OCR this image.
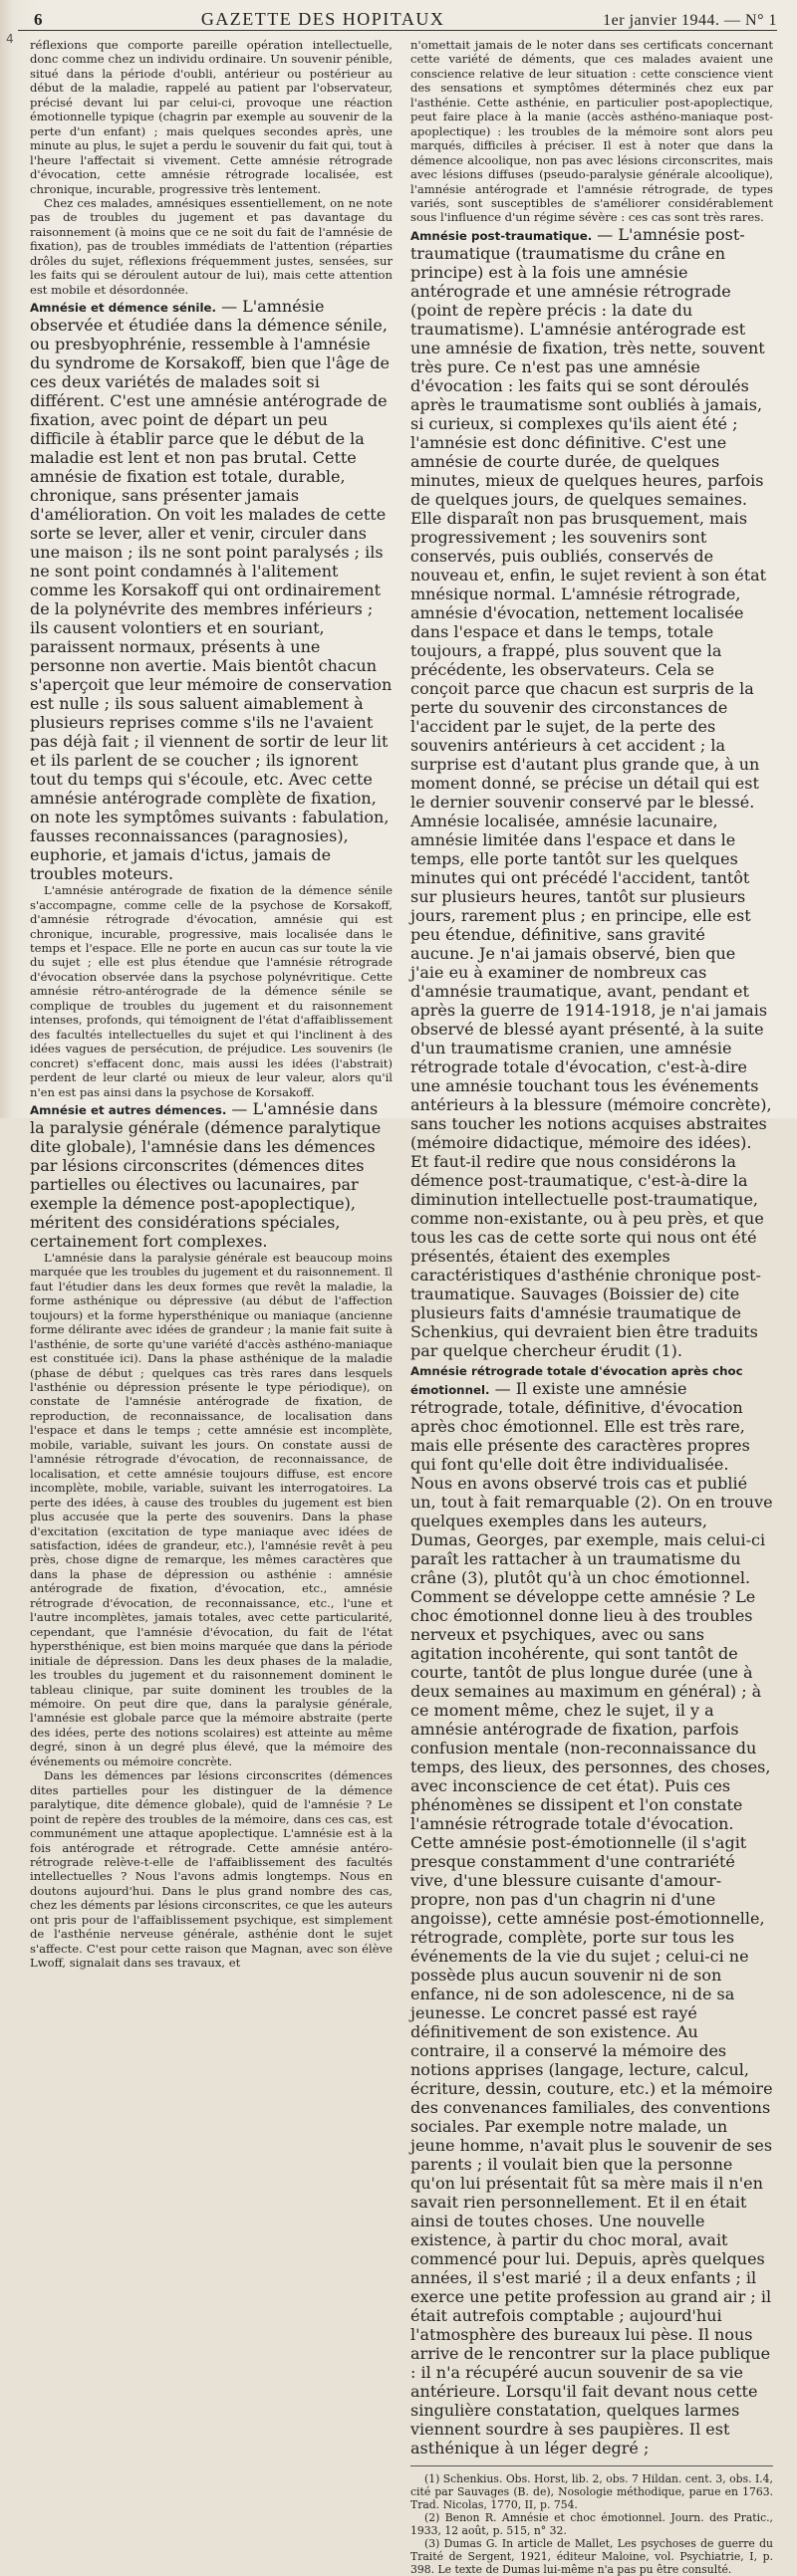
4
6	GAZETTE DES HOPITAUX	1er janvier 1944. — N° 1

réflexions que comporte pareille opération intellectuelle, donc comme chez un individu ordinaire. Un souvenir pénible, situé dans la période d'oubli, antérieur ou postérieur au début de la maladie, rappelé au patient par l'observateur, précisé devant lui par celui-ci, provoque une réaction émotionnelle typique (chagrin par exemple au souvenir de la perte d'un enfant) ; mais quelques secondes après, une minute au plus, le sujet a perdu le souvenir du fait qui, tout à l'heure l'affectait si vivement. Cette amnésie rétrograde d'évocation, cette amnésie rétrograde localisée, est chronique, incurable, progressive très lentement.

Chez ces malades, amnésiques essentiellement, on ne note pas de troubles du jugement et pas davantage du raisonnement (à moins que ce ne soit du fait de l'amnésie de fixation), pas de troubles immédiats de l'attention (réparties drôles du sujet, réflexions fréquemment justes, sensées, sur les faits qui se déroulent autour de lui), mais cette attention est mobile et désordonnée.

Amnésie et démence sénile. — L'amnésie observée et étudiée dans la démence sénile, ou presbyophrénie, ressemble à l'amnésie du syndrome de Korsakoff, bien que l'âge de ces deux variétés de malades soit si différent. C'est une amnésie antérograde de fixation, avec point de départ un peu difficile à établir parce que le début de la maladie est lent et non pas brutal. Cette amnésie de fixation est totale, durable, chronique, sans présenter jamais d'amélioration. On voit les malades de cette sorte se lever, aller et venir, circuler dans une maison ; ils ne sont point paralysés ; ils ne sont point condamnés à l'alitement comme les Korsakoff qui ont ordinairement de la polynévrite des membres inférieurs ; ils causent volontiers et en souriant, paraissent normaux, présents à une personne non avertie. Mais bientôt chacun s'aperçoit que leur mémoire de conservation est nulle ; ils sous saluent aimablement à plusieurs reprises comme s'ils ne l'avaient pas déjà fait ; il viennent de sortir de leur lit et ils parlent de se coucher ; ils ignorent tout du temps qui s'écoule, etc. Avec cette amnésie antérograde complète de fixation, on note les symptômes suivants : fabulation, fausses reconnaissances (paragnosies), euphorie, et jamais d'ictus, jamais de troubles moteurs.

L'amnésie antérograde de fixation de la démence sénile s'accompagne, comme celle de la psychose de Korsakoff, d'amnésie rétrograde d'évocation, amnésie qui est chronique, incurable, progressive, mais localisée dans le temps et l'espace. Elle ne porte en aucun cas sur toute la vie du sujet ; elle est plus étendue que l'amnésie rétrograde d'évocation observée dans la psychose polynévritique. Cette amnésie rétro-antérograde de la démence sénile se complique de troubles du jugement et du raisonnement intenses, profonds, qui témoignent de l'état d'affaiblissement des facultés intellectuelles du sujet et qui l'inclinent à des idées vagues de persécution, de préjudice. Les souvenirs (le concret) s'effacent donc, mais aussi les idées (l'abstrait) perdent de leur clarté ou mieux de leur valeur, alors qu'il n'en est pas ainsi dans la psychose de Korsakoff.

Amnésie et autres démences. — L'amnésie dans la paralysie générale (démence paralytique dite globale), l'amnésie dans les démences par lésions circonscrites (démences dites partielles ou électives ou lacunaires, par exemple la démence post-apoplectique), méritent des considérations spéciales, certainement fort complexes.

L'amnésie dans la paralysie générale est beaucoup moins marquée que les troubles du jugement et du raisonnement. Il faut l'étudier dans les deux formes que revêt la maladie, la forme asthénique ou dépressive (au début de l'affection toujours) et la forme hypersthénique ou maniaque (ancienne forme délirante avec idées de grandeur ; la manie fait suite à l'asthénie, de sorte qu'une variété d'accès asthéno-maniaque est constituée ici). Dans la phase asthénique de la maladie (phase de début ; quelques cas très rares dans lesquels l'asthénie ou dépression présente le type périodique), on constate de l'amnésie antérograde de fixation, de reproduction, de reconnaissance, de localisation dans l'espace et dans le temps ; cette amnésie est incomplète, mobile, variable, suivant les jours. On constate aussi de l'amnésie rétrograde d'évocation, de reconnaissance, de localisation, et cette amnésie toujours diffuse, est encore incomplète, mobile, variable, suivant les interrogatoires. La perte des idées, à cause des troubles du jugement est bien plus accusée que la perte des souvenirs. Dans la phase d'excitation (excitation de type maniaque avec idées de satisfaction, idées de grandeur, etc.), l'amnésie revêt à peu près, chose digne de remarque, les mêmes caractères que dans la phase de dépression ou asthénie : amnésie antérograde de fixation, d'évocation, etc., amnésie rétrograde d'évocation, de reconnaissance, etc., l'une et l'autre incomplètes, jamais totales, avec cette particularité, cependant, que l'amnésie d'évocation, du fait de l'état hypersthénique, est bien moins marquée que dans la période initiale de dépression. Dans les deux phases de la maladie, les troubles du jugement et du raisonnement dominent le tableau clinique, par suite dominent les troubles de la mémoire. On peut dire que, dans la paralysie générale, l'amnésie est globale parce que la mémoire abstraite (perte des idées, perte des notions scolaires) est atteinte au même degré, sinon à un degré plus élevé, que la mémoire des événements ou mémoire concrète.

Dans les démences par lésions circonscrites (démences dites partielles pour les distinguer de la démence paralytique, dite démence globale), quid de l'amnésie ? Le point de repère des troubles de la mémoire, dans ces cas, est communément une attaque apoplectique. L'amnésie est à la fois antérograde et rétrograde. Cette amnésie antéro-rétrograde relève-t-elle de l'affaiblissement des facultés intellectuelles ? Nous l'avons admis longtemps. Nous en doutons aujourd'hui. Dans le plus grand nombre des cas, chez les déments par lésions circonscrites, ce que les auteurs ont pris pour de l'affaiblissement psychique, est simplement de l'asthénie nerveuse générale, asthénie dont le sujet s'affecte. C'est pour cette raison que Magnan, avec son élève Lwoff, signalait dans ses travaux, et

n'omettait jamais de le noter dans ses certificats concernant cette variété de déments, que ces malades avaient une conscience relative de leur situation : cette conscience vient des sensations et symptômes déterminés chez eux par l'asthénie. Cette asthénie, en particulier post-apoplectique, peut faire place à la manie (accès asthéno-maniaque post-apoplectique) : les troubles de la mémoire sont alors peu marqués, difficiles à préciser. Il est à noter que dans la démence alcoolique, non pas avec lésions circonscrites, mais avec lésions diffuses (pseudo-paralysie générale alcoolique), l'amnésie antérograde et l'amnésie rétrograde, de types variés, sont susceptibles de s'améliorer considérablement sous l'influence d'un régime sévère : ces cas sont très rares.

Amnésie post-traumatique. — L'amnésie post-traumatique (traumatisme du crâne en principe) est à la fois une amnésie antérograde et une amnésie rétrograde (point de repère précis : la date du traumatisme). L'amnésie antérograde est une amnésie de fixation, très nette, souvent très pure. Ce n'est pas une amnésie d'évocation : les faits qui se sont déroulés après le traumatisme sont oubliés à jamais, si curieux, si complexes qu'ils aient été ; l'amnésie est donc définitive. C'est une amnésie de courte durée, de quelques minutes, mieux de quelques heures, parfois de quelques jours, de quelques semaines. Elle disparaît non pas brusquement, mais progressivement ; les souvenirs sont conservés, puis oubliés, conservés de nouveau et, enfin, le sujet revient à son état mnésique normal. L'amnésie rétrograde, amnésie d'évocation, nettement localisée dans l'espace et dans le temps, totale toujours, a frappé, plus souvent que la précédente, les observateurs. Cela se conçoit parce que chacun est surpris de la perte du souvenir des circonstances de l'accident par le sujet, de la perte des souvenirs antérieurs à cet accident ; la surprise est d'autant plus grande que, à un moment donné, se précise un détail qui est le dernier souvenir conservé par le blessé. Amnésie localisée, amnésie lacunaire, amnésie limitée dans l'espace et dans le temps, elle porte tantôt sur les quelques minutes qui ont précédé l'accident, tantôt sur plusieurs heures, tantôt sur plusieurs jours, rarement plus ; en principe, elle est peu étendue, définitive, sans gravité aucune. Je n'ai jamais observé, bien que j'aie eu à examiner de nombreux cas d'amnésie traumatique, avant, pendant et après la guerre de 1914-1918, je n'ai jamais observé de blessé ayant présenté, à la suite d'un traumatisme cranien, une amnésie rétrograde totale d'évocation, c'est-à-dire une amnésie touchant tous les événements antérieurs à la blessure (mémoire concrète), sans toucher les notions acquises abstraites (mémoire didactique, mémoire des idées). Et faut-il redire que nous considérons la démence post-traumatique, c'est-à-dire la diminution intellectuelle post-traumatique, comme non-existante, ou à peu près, et que tous les cas de cette sorte qui nous ont été présentés, étaient des exemples caractéristiques d'asthénie chronique post-traumatique. Sauvages (Boissier de) cite plusieurs faits d'amnésie traumatique de Schenkius, qui devraient bien être traduits par quelque chercheur érudit (1).

Amnésie rétrograde totale d'évocation après choc émotionnel. — Il existe une amnésie rétrograde, totale, définitive, d'évocation après choc émotionnel. Elle est très rare, mais elle présente des caractères propres qui font qu'elle doit être individualisée. Nous en avons observé trois cas et publié un, tout à fait remarquable (2). On en trouve quelques exemples dans les auteurs, Dumas, Georges, par exemple, mais celui-ci paraît les rattacher à un traumatisme du crâne (3), plutôt qu'à un choc émotionnel. Comment se développe cette amnésie ? Le choc émotionnel donne lieu à des troubles nerveux et psychiques, avec ou sans agitation incohérente, qui sont tantôt de courte, tantôt de plus longue durée (une à deux semaines au maximum en général) ; à ce moment même, chez le sujet, il y a amnésie antérograde de fixation, parfois confusion mentale (non-reconnaissance du temps, des lieux, des personnes, des choses, avec inconscience de cet état). Puis ces phénomènes se dissipent et l'on constate l'amnésie rétrograde totale d'évocation. Cette amnésie post-émotionnelle (il s'agit presque constamment d'une contrariété vive, d'une blessure cuisante d'amour-propre, non pas d'un chagrin ni d'une angoisse), cette amnésie post-émotionnelle, rétrograde, complète, porte sur tous les événements de la vie du sujet ; celui-ci ne possède plus aucun souvenir ni de son enfance, ni de son adolescence, ni de sa jeunesse. Le concret passé est rayé définitivement de son existence. Au contraire, il a conservé la mémoire des notions apprises (langage, lecture, calcul, écriture, dessin, couture, etc.) et la mémoire des convenances familiales, des conventions sociales. Par exemple notre malade, un jeune homme, n'avait plus le souvenir de ses parents ; il voulait bien que la personne qu'on lui présentait fût sa mère mais il n'en savait rien personnellement. Et il en était ainsi de toutes choses. Une nouvelle existence, à partir du choc moral, avait commencé pour lui. Depuis, après quelques années, il s'est marié ; il a deux enfants ; il exerce une petite profession au grand air ; il était autrefois comptable ; aujourd'hui l'atmosphère des bureaux lui pèse. Il nous arrive de le rencontrer sur la place publique : il n'a récupéré aucun souvenir de sa vie antérieure. Lorsqu'il fait devant nous cette singulière constatation, quelques larmes viennent sourdre à ses paupières. Il est asthénique à un léger degré ;

(1) Schenkius. Obs. Horst, lib. 2, obs. 7 Hildan. cent. 3, obs. I.4, cité par Sauvages (B. de), Nosologie méthodique, parue en 1763. Trad. Nicolas, 1770, II, p. 754.

(2) Benon R. Amnésie et choc émotionnel. Journ. des Pratic., 1933, 12 août, p. 515, n° 32.

(3) Dumas G. In article de Mallet, Les psychoses de guerre du Traité de Sergent, 1921, éditeur Maloine, vol. Psychiatrie, I, p. 398. Le texte de Dumas lui-même n'a pas pu être consulté.
